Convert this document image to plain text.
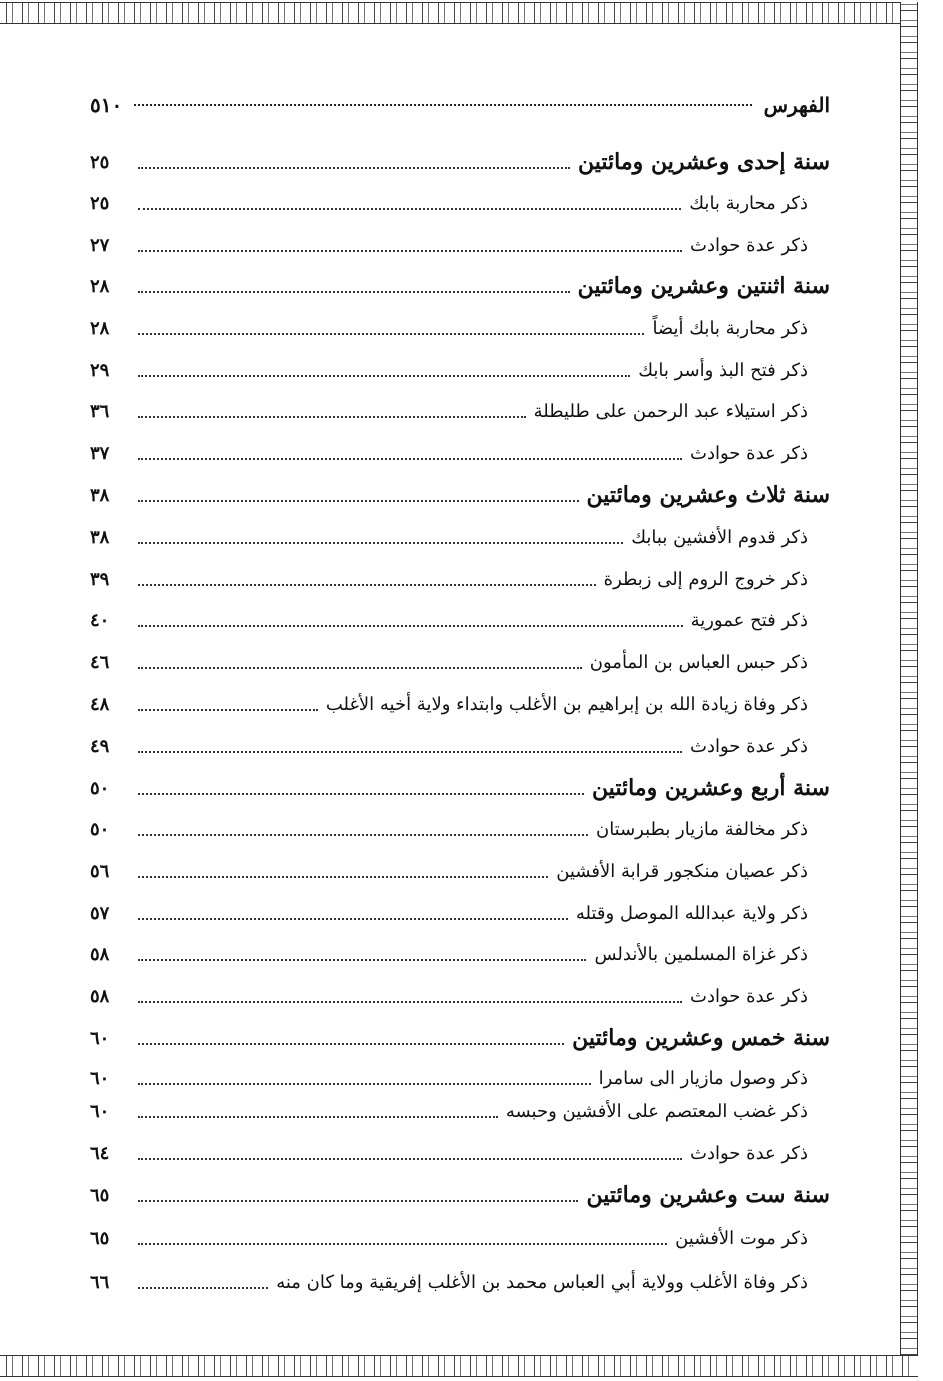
الفهرس
٥١٠
سنة إحدى وعشرين ومائتين
٢٥
ذكر محاربة بابك
٢٥
ذكر عدة حوادث
٢٧
سنة اثنتين وعشرين ومائتين
٢٨
ذكر محاربة بابك أيضاً
٢٨
ذكر فتح البذ وأسر بابك
٢٩
ذكر استيلاء عبد الرحمن على طليطلة
٣٦
ذكر عدة حوادث
٣٧
سنة ثلاث وعشرين ومائتين
٣٨
ذكر قدوم الأفشين ببابك
٣٨
ذكر خروج الروم إلى زبطرة
٣٩
ذكر فتح عمورية
٤٠
ذكر حبس العباس بن المأمون
٤٦
ذكر وفاة زيادة الله بن إبراهيم بن الأغلب وابتداء ولاية أخيه الأغلب
٤٨
ذكر عدة حوادث
٤٩
سنة أربع وعشرين ومائتين
٥٠
ذكر مخالفة مازيار بطبرستان
٥٠
ذكر عصيان منكجور قرابة الأفشين
٥٦
ذكر ولاية عبدالله الموصل وقتله
٥٧
ذكر غزاة المسلمين بالأندلس
٥٨
ذكر عدة حوادث
٥٨
سنة خمس وعشرين ومائتين
٦٠
ذكر وصول مازيار الى سامرا
٦٠
ذكر غضب المعتصم على الأفشين وحبسه
٦٠
ذكر عدة حوادث
٦٤
سنة ست وعشرين ومائتين
٦٥
ذكر موت الأفشين
٦٥
ذكر وفاة الأغلب وولاية أبي العباس محمد بن الأغلب إفريقية وما كان منه
٦٦
